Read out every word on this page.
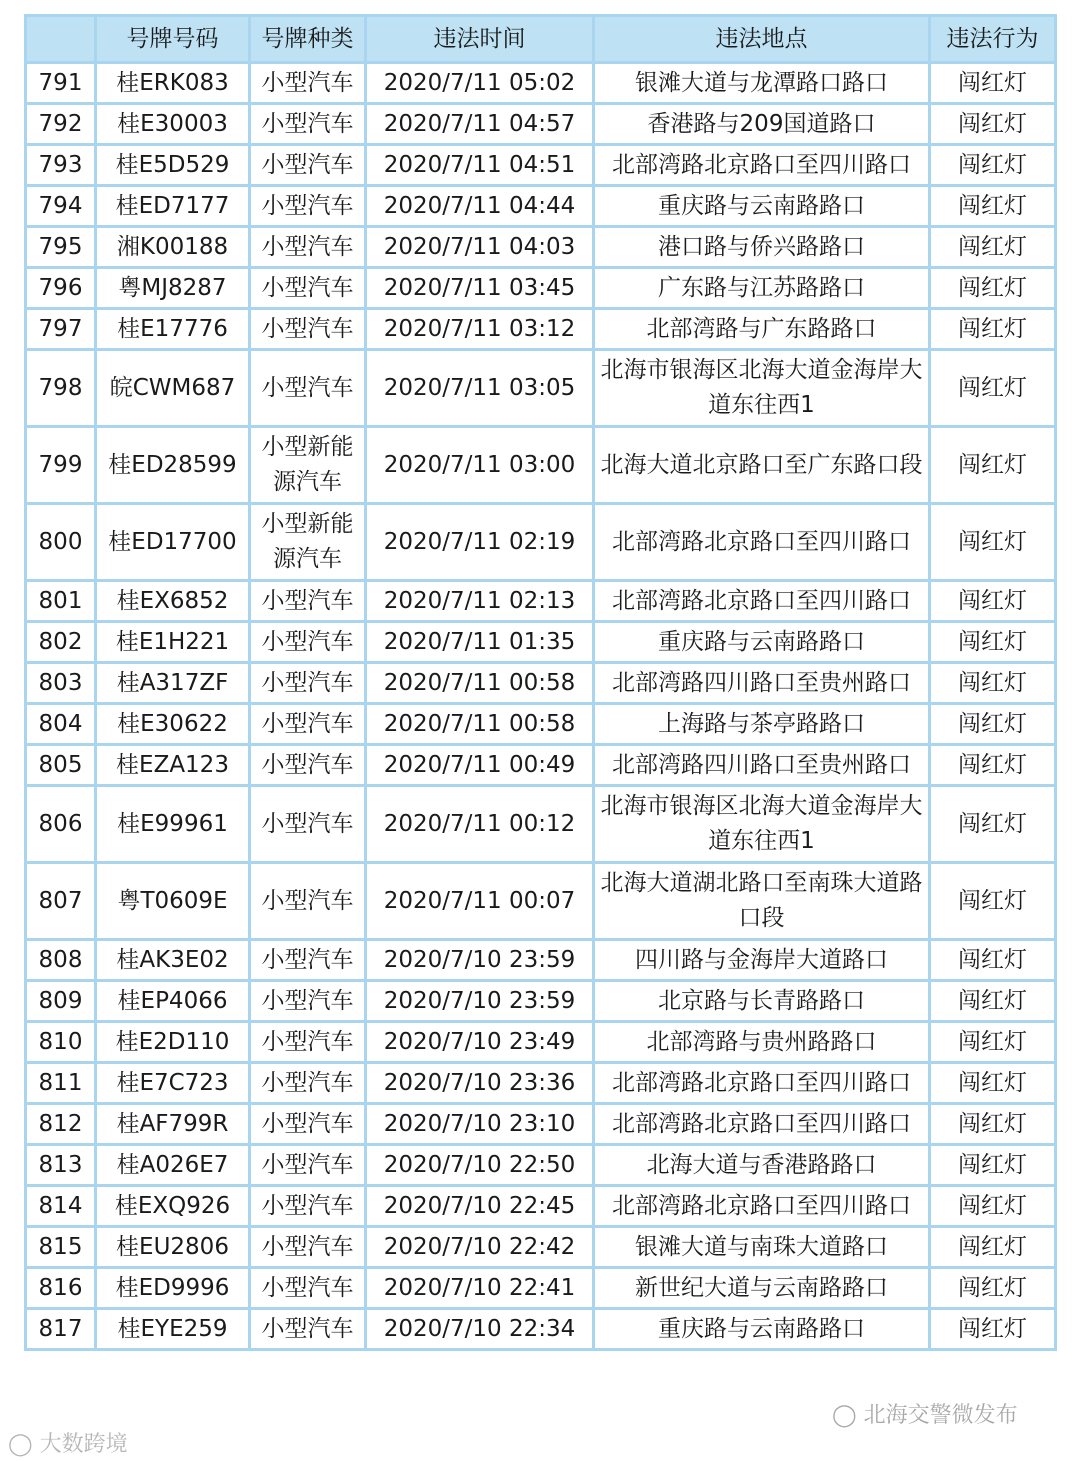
	号牌号码	号牌种类	违法时间	违法地点	违法行为
791	桂ERK083	小型汽车	2020/7/11 05:02	银滩大道与龙潭路口路口	闯红灯
792	桂E30003	小型汽车	2020/7/11 04:57	香港路与209国道路口	闯红灯
793	桂E5D529	小型汽车	2020/7/11 04:51	北部湾路北京路口至四川路口	闯红灯
794	桂ED7177	小型汽车	2020/7/11 04:44	重庆路与云南路路口	闯红灯
795	湘K00188	小型汽车	2020/7/11 04:03	港口路与侨兴路路口	闯红灯
796	粤MJ8287	小型汽车	2020/7/11 03:45	广东路与江苏路路口	闯红灯
797	桂E17776	小型汽车	2020/7/11 03:12	北部湾路与广东路路口	闯红灯
798	皖CWM687	小型汽车	2020/7/11 03:05	北海市银海区北海大道金海岸大道东往西1	闯红灯
799	桂ED28599	小型新能源汽车	2020/7/11 03:00	北海大道北京路口至广东路口段	闯红灯
800	桂ED17700	小型新能源汽车	2020/7/11 02:19	北部湾路北京路口至四川路口	闯红灯
801	桂EX6852	小型汽车	2020/7/11 02:13	北部湾路北京路口至四川路口	闯红灯
802	桂E1H221	小型汽车	2020/7/11 01:35	重庆路与云南路路口	闯红灯
803	桂A317ZF	小型汽车	2020/7/11 00:58	北部湾路四川路口至贵州路口	闯红灯
804	桂E30622	小型汽车	2020/7/11 00:58	上海路与茶亭路路口	闯红灯
805	桂EZA123	小型汽车	2020/7/11 00:49	北部湾路四川路口至贵州路口	闯红灯
806	桂E99961	小型汽车	2020/7/11 00:12	北海市银海区北海大道金海岸大道东往西1	闯红灯
807	粤T0609E	小型汽车	2020/7/11 00:07	北海大道湖北路口至南珠大道路口段	闯红灯
808	桂AK3E02	小型汽车	2020/7/10 23:59	四川路与金海岸大道路口	闯红灯
809	桂EP4066	小型汽车	2020/7/10 23:59	北京路与长青路路口	闯红灯
810	桂E2D110	小型汽车	2020/7/10 23:49	北部湾路与贵州路路口	闯红灯
811	桂E7C723	小型汽车	2020/7/10 23:36	北部湾路北京路口至四川路口	闯红灯
812	桂AF799R	小型汽车	2020/7/10 23:10	北部湾路北京路口至四川路口	闯红灯
813	桂A026E7	小型汽车	2020/7/10 22:50	北海大道与香港路路口	闯红灯
814	桂EXQ926	小型汽车	2020/7/10 22:45	北部湾路北京路口至四川路口	闯红灯
815	桂EU2806	小型汽车	2020/7/10 22:42	银滩大道与南珠大道路口	闯红灯
816	桂ED9996	小型汽车	2020/7/10 22:41	新世纪大道与云南路路口	闯红灯
817	桂EYE259	小型汽车	2020/7/10 22:34	重庆路与云南路路口	闯红灯
◯ 大数跨境
◯ 北海交警微发布
